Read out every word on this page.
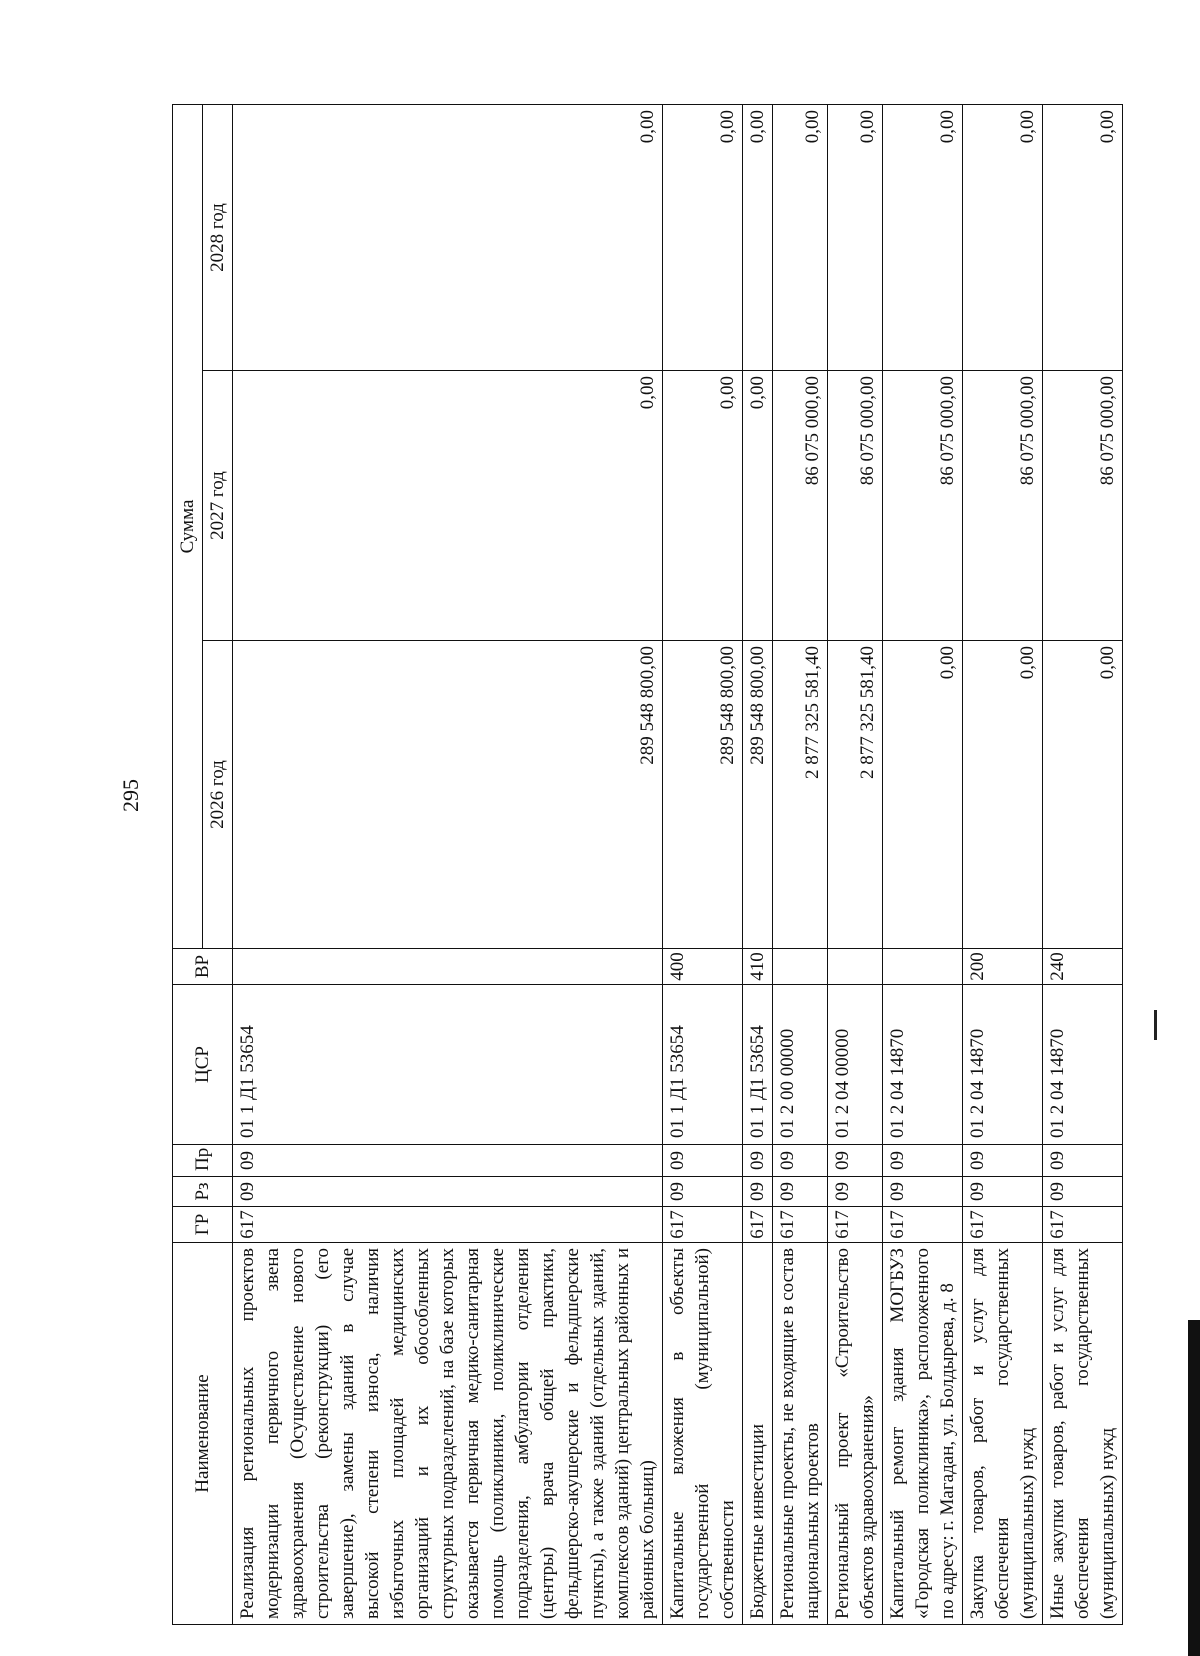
295
Наименование	ГР	Рз	Пр	ЦСР	ВР	Сумма		
						2026 год	2027 год	2028 год
Реализация региональных проектов модернизации первичного звена здравоохранения (Осуществление нового строительства (реконструкции) (его завершение), замены зданий в случае высокой степени износа, наличия избыточных площадей медицинских организаций и их обособленных структурных подразделений, на базе которых оказывается первичная медико-санитарная помощь (поликлиники, поликлинические подразделения, амбулатории отделения (центры) врача общей практики, фельдшерско-акушерские и фельдшерские пункты), а также зданий (отдельных зданий, комплексов зданий) центральных районных и районных больниц)	617	09	09	01 1 Д1 53654		289 548 800,00	0,00	0,00
Капитальные вложения в объекты государственной (муниципальной) собственности	617	09	09	01 1 Д1 53654	400	289 548 800,00	0,00	0,00
Бюджетные инвестиции	617	09	09	01 1 Д1 53654	410	289 548 800,00	0,00	0,00
Региональные проекты, не входящие в состав национальных проектов	617	09	09	01 2 00 00000		2 877 325 581,40	86 075 000,00	0,00
Региональный проект «Строительство объектов здравоохранения»	617	09	09	01 2 04 00000		2 877 325 581,40	86 075 000,00	0,00
Капитальный ремонт здания МОГБУЗ «Городская поликлиника», расположенного по адресу: г. Магадан, ул. Болдырева, д. 8	617	09	09	01 2 04 14870		0,00	86 075 000,00	0,00
Закупка товаров, работ и услуг для обеспечения государственных (муниципальных) нужд	617	09	09	01 2 04 14870	200	0,00	86 075 000,00	0,00
Иные закупки товаров, работ и услуг для обеспечения государственных (муниципальных) нужд	617	09	09	01 2 04 14870	240	0,00	86 075 000,00	0,00
